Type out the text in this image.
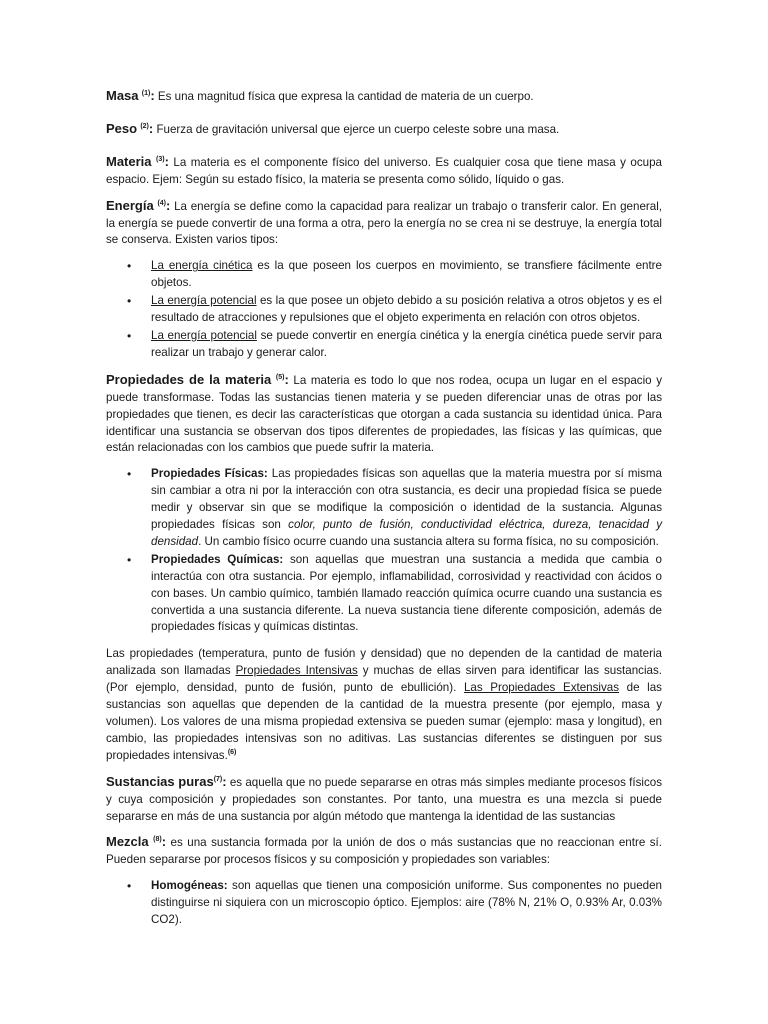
Masa $^{(1)}$: Es una magnitud física que expresa la cantidad de materia de un cuerpo.

Peso $^{(2)}$: Fuerza de gravitación universal que ejerce un cuerpo celeste sobre una masa.

Materia $^{(3)}$: La materia es el componente físico del universo. Es cualquier cosa que tiene masa y ocupa espacio. Ejem: Según su estado físico, la materia se presenta como sólido, líquido o gas.

Energía $^{(4)}$: La energía se define como la capacidad para realizar un trabajo o transferir calor. En general, la energía se puede convertir de una forma a otra, pero la energía no se crea ni se destruye, la energía total se conserva. Existen varios tipos:

• La energía cinética es la que poseen los cuerpos en movimiento, se transfiere fácilmente entre objetos.
• La energía potencial es la que posee un objeto debido a su posición relativa a otros objetos y es el resultado de atracciones y repulsiones que el objeto experimenta en relación con otros objetos.
• La energía potencial se puede convertir en energía cinética y la energía cinética puede servir para realizar un trabajo y generar calor.

Propiedades de la materia $^{(5)}$: La materia es todo lo que nos rodea, ocupa un lugar en el espacio y puede transformase. Todas las sustancias tienen materia y se pueden diferenciar unas de otras por las propiedades que tienen, es decir las características que otorgan a cada sustancia su identidad única. Para identificar una sustancia se observan dos tipos diferentes de propiedades, las físicas y las químicas, que están relacionadas con los cambios que puede sufrir la materia.

• Propiedades Físicas: Las propiedades físicas son aquellas que la materia muestra por sí misma sin cambiar a otra ni por la interacción con otra sustancia, es decir una propiedad física se puede medir y observar sin que se modifique la composición o identidad de la sustancia. Algunas propiedades físicas son color, punto de fusión, conductividad eléctrica, dureza, tenacidad y densidad. Un cambio físico ocurre cuando una sustancia altera su forma física, no su composición.
• Propiedades Químicas: son aquellas que muestran una sustancia a medida que cambia o interactúa con otra sustancia. Por ejemplo, inflamabilidad, corrosividad y reactividad con ácidos o con bases. Un cambio químico, también llamado reacción química ocurre cuando una sustancia es convertida a una sustancia diferente. La nueva sustancia tiene diferente composición, además de propiedades físicas y químicas distintas.

Las propiedades (temperatura, punto de fusión y densidad) que no dependen de la cantidad de materia analizada son llamadas Propiedades Intensivas y muchas de ellas sirven para identificar las sustancias. (Por ejemplo, densidad, punto de fusión, punto de ebullición). Las Propiedades Extensivas de las sustancias son aquellas que dependen de la cantidad de la muestra presente (por ejemplo, masa y volumen). Los valores de una misma propiedad extensiva se pueden sumar (ejemplo: masa y longitud), en cambio, las propiedades intensivas son no aditivas. Las sustancias diferentes se distinguen por sus propiedades intensivas.$^{(6)}$

Sustancias puras$^{(7)}$: es aquella que no puede separarse en otras más simples mediante procesos físicos y cuya composición y propiedades son constantes. Por tanto, una muestra es una mezcla si puede separarse en más de una sustancia por algún método que mantenga la identidad de las sustancias

Mezcla $^{(8)}$: es una sustancia formada por la unión de dos o más sustancias que no reaccionan entre sí. Pueden separarse por procesos físicos y su composición y propiedades son variables:

• Homogéneas: son aquellas que tienen una composición uniforme. Sus componentes no pueden distinguirse ni siquiera con un microscopio óptico. Ejemplos: aire (78% N, 21% O, 0.93% Ar, 0.03% CO2).
